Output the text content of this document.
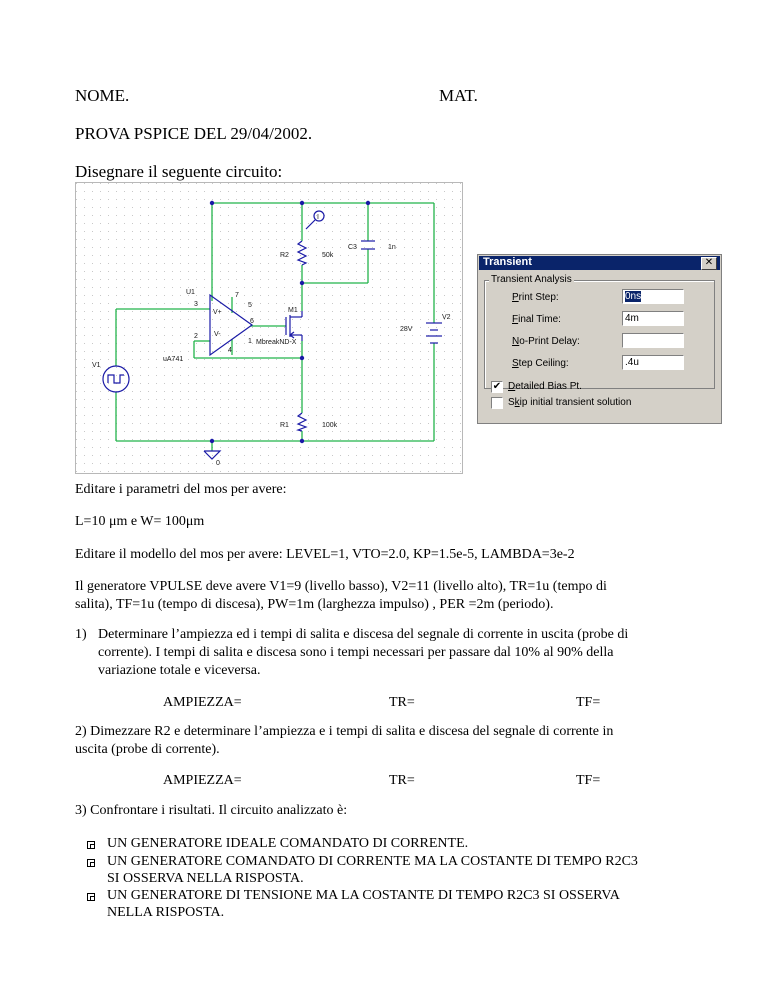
NOME.	MAT.
PROVA PSPICE DEL 29/04/2002.
Disegnare il seguente circuito:
U1
3
2
7
5
6
1
4
V+
V-
uA741
M1
MbreakND-X
R2	50k
C3	1n
V2
28V
R1	100k
V1
0
I
Transient	✕
Transient Analysis
Print Step:	0ns
Final Time:	4m
No-Print Delay:
Step Ceiling:	.4u
✔ Detailed Bias Pt.
Skip initial transient solution
Editare i parametri del mos per avere:
L=10 μm e W= 100μm
Editare il modello del mos per avere: LEVEL=1, VTO=2.0, KP=1.5e-5, LAMBDA=3e-2
Il generatore VPULSE deve avere V1=9 (livello basso), V2=11 (livello alto), TR=1u (tempo di
salita), TF=1u (tempo di discesa), PW=1m (larghezza impulso) , PER =2m (periodo).
1) Determinare l’ampiezza ed i tempi di salita e discesa del segnale di corrente in uscita (probe di
corrente). I tempi di salita e discesa sono i tempi necessari per passare dal 10% al 90% della
variazione totale e viceversa.
AMPIEZZA=	TR=	TF=
2) Dimezzare R2 e determinare l’ampiezza e i tempi di salita e discesa del segnale di corrente in
uscita (probe di corrente).
AMPIEZZA=	TR=	TF=
3) Confrontare i risultati. Il circuito analizzato è:
UN GENERATORE IDEALE COMANDATO DI CORRENTE.
UN GENERATORE COMANDATO DI CORRENTE MA LA COSTANTE DI TEMPO R2C3
SI OSSERVA NELLA RISPOSTA.
UN GENERATORE DI TENSIONE MA LA COSTANTE DI TEMPO R2C3 SI OSSERVA
NELLA RISPOSTA.
